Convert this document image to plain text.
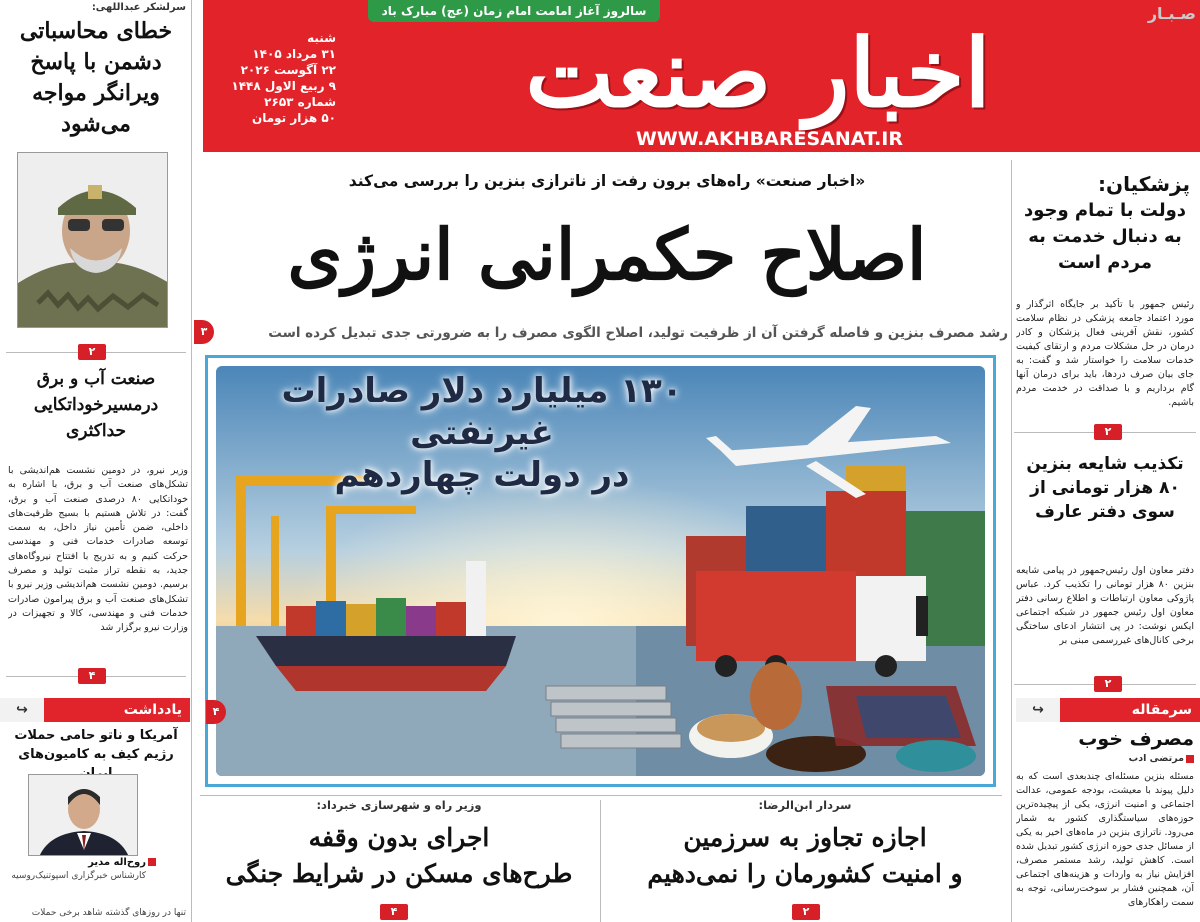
سالروز آغاز امامت امام زمان (عج) مبارک باد
شنبه
۳۱ مرداد ۱۴۰۵
۲۲ آگوست ۲۰۲۶
۹ ربیع الاول ۱۴۴۸
شماره ۲۶۵۳
۵۰ هزار تومان	اخبار صنعت
WWW.AKHBARESANAT.IR
صـبـار
سرلشکر عبداللهی:
خطای محاسباتی دشمن با پاسخ ویرانگر مواجه می‌شود
۲
صنعت آب و برق درمسیرخوداتکایی حداکثری
وزیر نیرو، در دومین نشست هم‌اندیشی با تشکل‌های صنعت آب و برق، با اشاره به خوداتکایی ۸۰ درصدی صنعت آب و برق، گفت: در تلاش هستیم با بسیج ظرفیت‌های داخلی، ضمن تأمین نیاز داخل، به سمت توسعه صادرات خدمات فنی و مهندسی حرکت کنیم و به تدریج با افتتاح نیروگاه‌های جدید، به نقطه تراز مثبت تولید و مصرف برسیم. دومین نشست هم‌اندیشی وزیر نیرو با تشکل‌های صنعت آب و برق پیرامون صادرات خدمات فنی و مهندسی، کالا و تجهیزات در وزارت نیرو برگزار شد
۴
یادداشت
↪
آمریکا و ناتو حامی حملات رژیم کیف به کامیون‌های
روح‌اله مدیر
کارشناس خبرگزاری اسپوتنیک‌روسیه
تنها در روزهای گذشته شاهد برخی حملات
«اخبار صنعت» راه‌های برون رفت از ناترازی بنزین را بررسی می‌کند
اصلاح حکمرانی انرژی
۳	رشد مصرف بنزین و فاصله گرفتن آن از ظرفیت تولید، اصلاح الگوی مصرف را به ضرورتی جدی تبدیل کرده است
۱۳۰ میلیارد دلار صادرات غیرنفتی
در دولت چهاردهم
۴
وزیر راه و شهرسازی خبرداد:
اجرای بدون وقفه
طرح‌های مسکن در شرایط جنگی
۴
سردار ابن‌الرضا:
اجازه تجاوز به سرزمین
و امنیت کشورمان را نمی‌دهیم
۲
پزشکیان:
دولت با تمام وجود به دنبال خدمت به مردم است
رئیس جمهور با تأکید بر جایگاه اثرگذار و مورد اعتماد جامعه پزشکی در نظام سلامت کشور، نقش آفرینی فعال پزشکان و کادر درمان در حل مشکلات مردم و ارتقای کیفیت خدمات سلامت را خواستار شد و گفت: به جای بیان صرف دردها، باید برای درمان آنها گام برداریم و با صداقت در خدمت مردم باشیم.
۲
تکذیب شایعه بنزین ۸۰ هزار تومانی از سوی دفتر عارف
دفتر معاون اول رئیس‌جمهور در پیامی شایعه بنزین ۸۰ هزار تومانی را تکذیب کرد. عباس پاژوکی معاون ارتباطات و اطلاع رسانی دفتر معاون اول رئیس جمهور در شبکه اجتماعی ایکس نوشت: در پی انتشار ادعای ساختگی برخی کانال‌های غیررسمی مبنی بر
۲
سرمقاله
↪
مصرف خوب
مرتضی ادب
مسئله بنزین مسئله‌ای چندبعدی است که به دلیل پیوند با معیشت، بودجه عمومی، عدالت اجتماعی و امنیت انرژی، یکی از پیچیده‌ترین حوزه‌های سیاستگذاری کشور به شمار می‌رود. ناترازی بنزین در ماه‌های اخیر به یکی از مسائل جدی حوزه انرژی کشور تبدیل شده است. کاهش تولید، رشد مستمر مصرف، افزایش نیاز به واردات و هزینه‌های اجتماعی آن، همچنین فشار بر سوخت‌رسانی، توجه به سمت راهکارهای
